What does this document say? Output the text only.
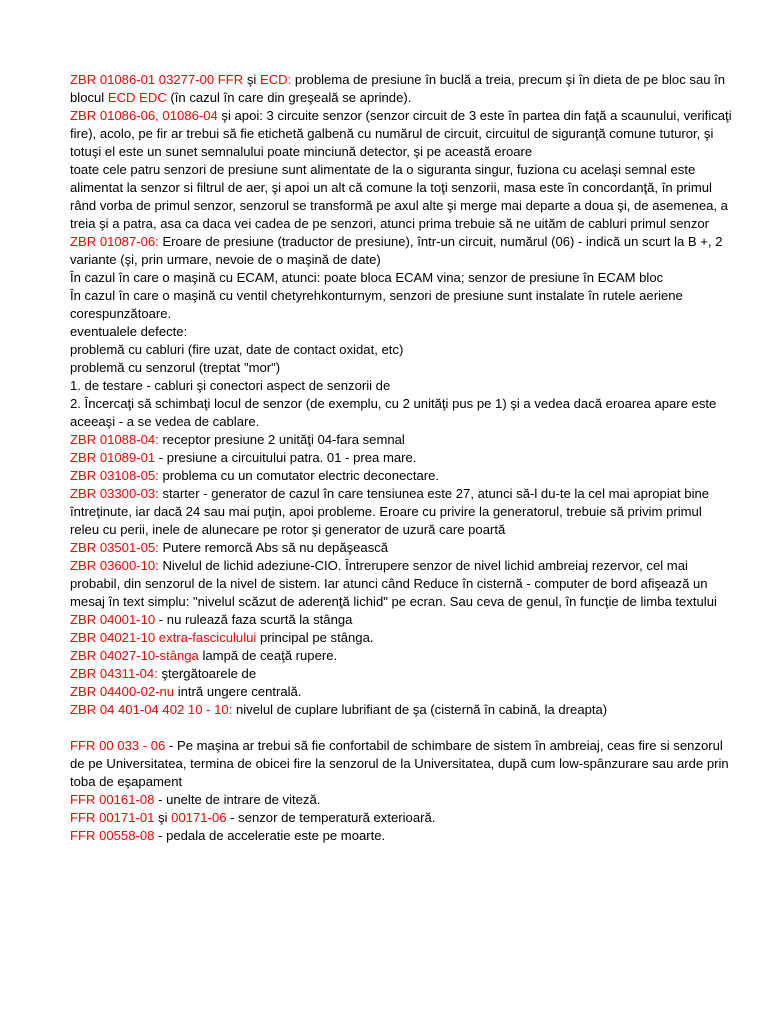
ZBR 01086-01 03277-00 FFR şi ECD: problema de presiune în buclă a treia, precum şi în dieta de pe bloc sau în blocul ECD EDC (în cazul în care din greşeală se aprinde).

ZBR 01086-06, 01086-04 şi apoi: 3 circuite senzor (senzor circuit de 3 este în partea din faţă a scaunului, verificaţi fire), acolo, pe fir ar trebui să fie etichetă galbenă cu numărul de circuit, circuitul de siguranţă comune tuturor, şi totuşi el este un sunet semnalului poate minciună detector, şi pe această eroare

toate cele patru senzori de presiune sunt alimentate de la o siguranta singur, fuziona cu acelaşi semnal este alimentat la senzor si filtrul de aer, şi apoi un alt că comune la toţi senzorii, masa este în concordanţă, în primul rând vorba de primul senzor, senzorul se transformă pe axul alte şi merge mai departe a doua şi, de asemenea, a treia şi a patra, asa ca daca vei cadea de pe senzori, atunci prima trebuie să ne uităm de cabluri primul senzor

ZBR 01087-06: Eroare de presiune (traductor de presiune), într-un circuit, numărul (06) - indică un scurt la B +, 2 variante (şi, prin urmare, nevoie de o maşină de date)

În cazul în care o maşină cu ECAM, atunci: poate bloca ECAM vina; senzor de presiune în ECAM bloc

În cazul în care o maşină cu ventil chetyrehkonturnym, senzori de presiune sunt instalate în rutele aeriene corespunzătoare.

eventualele defecte:

problemă cu cabluri (fire uzat, date de contact oxidat, etc)

problemă cu senzorul (treptat "mor")

1. de testare - cabluri şi conectori aspect de senzorii de

2. Încercaţi să schimbaţi locul de senzor (de exemplu, cu 2 unităţi pus pe 1) şi a vedea dacă eroarea apare este aceeaşi - a se vedea de cablare.

ZBR 01088-04: receptor presiune 2 unităţi 04-fara semnal

ZBR 01089-01 - presiune a circuitului patra. 01 - prea mare.

ZBR 03108-05: problema cu un comutator electric deconectare.

ZBR 03300-03: starter - generator de cazul în care tensiunea este 27, atunci să-l du-te la cel mai apropiat bine întreţinute, iar dacă 24 sau mai puţin, apoi probleme. Eroare cu privire la generatorul, trebuie să privim primul releu cu perii, inele de alunecare pe rotor şi generator de uzură care poartă

ZBR 03501-05: Putere remorcă Abs să nu depăşească

ZBR 03600-10: Nivelul de lichid adeziune-CIO. Întrerupere senzor de nivel lichid ambreiaj rezervor, cel mai probabil, din senzorul de la nivel de sistem. Iar atunci când Reduce în cisternă - computer de bord afişează un mesaj în text simplu: "nivelul scăzut de aderenţă lichid" pe ecran. Sau ceva de genul, în funcţie de limba textului

ZBR 04001-10 - nu rulează faza scurtă la stânga

ZBR 04021-10 extra-fasciculului principal pe stânga.

ZBR 04027-10-stânga lampă de ceaţă rupere.

ZBR 04311-04: ştergătoarele de

ZBR 04400-02-nu intră ungere centrală.

ZBR 04 401-04 402 10 - 10: nivelul de cuplare lubrifiant de şa (cisternă în cabină, la dreapta)

FFR 00 033 - 06 - Pe maşina ar trebui să fie confortabil de schimbare de sistem în ambreiaj, ceas fire si senzorul de pe Universitatea, termina de obicei fire la senzorul de la Universitatea, după cum low-spânzurare sau arde prin toba de eşapament

FFR 00161-08 - unelte de intrare de viteză.

FFR 00171-01 şi 00171-06 - senzor de temperatură exterioară.

FFR 00558-08 - pedala de acceleratie este pe moarte.
